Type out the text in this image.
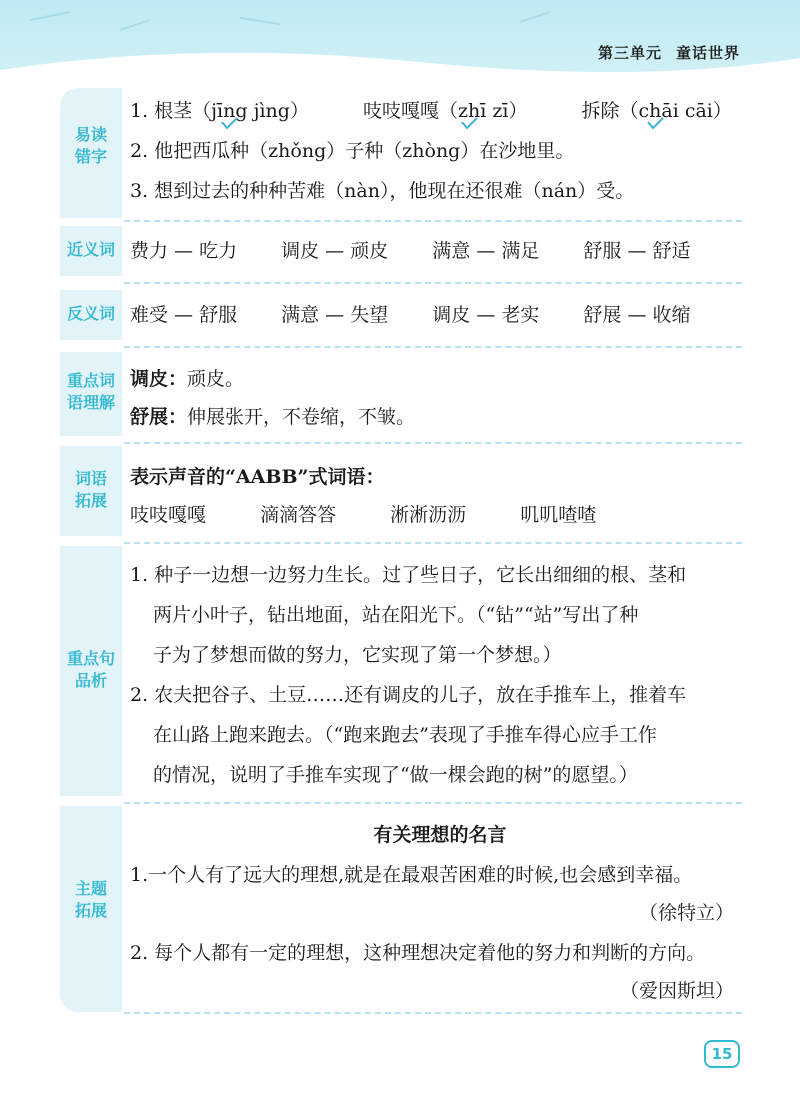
第三单元 童话世界
易读
错字
近义词
反义词
重点词
语理解
词语
拓展
重点句
品析
主题
拓展
1. 根茎（jīng jìng）	吱吱嘎嘎（zhī zī）	拆除（chāi cāi）
2. 他把西瓜种（zhǒng）子种（zhòng）在沙地里。
3. 想到过去的种种苦难（nàn），他现在还很难（nán）受。
费力 — 吃力 调皮 — 顽皮 满意 — 满足 舒服 — 舒适
难受 — 舒服 满意 — 失望 调皮 — 老实 舒展 — 收缩
调皮：顽皮。
舒展：伸展张开，不卷缩，不皱。
表示声音的“AABB”式词语：
吱吱嘎嘎	滴滴答答	淅淅沥沥	叽叽喳喳
1. 种子一边想一边努力生长。过了些日子，它长出细细的根、茎和
两片小叶子，钻出地面，站在阳光下。（“钻”“站”写出了种
子为了梦想而做的努力，它实现了第一个梦想。）
2. 农夫把谷子、土豆……还有调皮的儿子，放在手推车上，推着车
在山路上跑来跑去。（“跑来跑去”表现了手推车得心应手工作
的情况，说明了手推车实现了“做一棵会跑的树”的愿望。）
有关理想的名言
1.一个人有了远大的理想,就是在最艰苦困难的时候,也会感到幸福。
（徐特立）
2. 每个人都有一定的理想，这种理想决定着他的努力和判断的方向。
（爱因斯坦）
15
